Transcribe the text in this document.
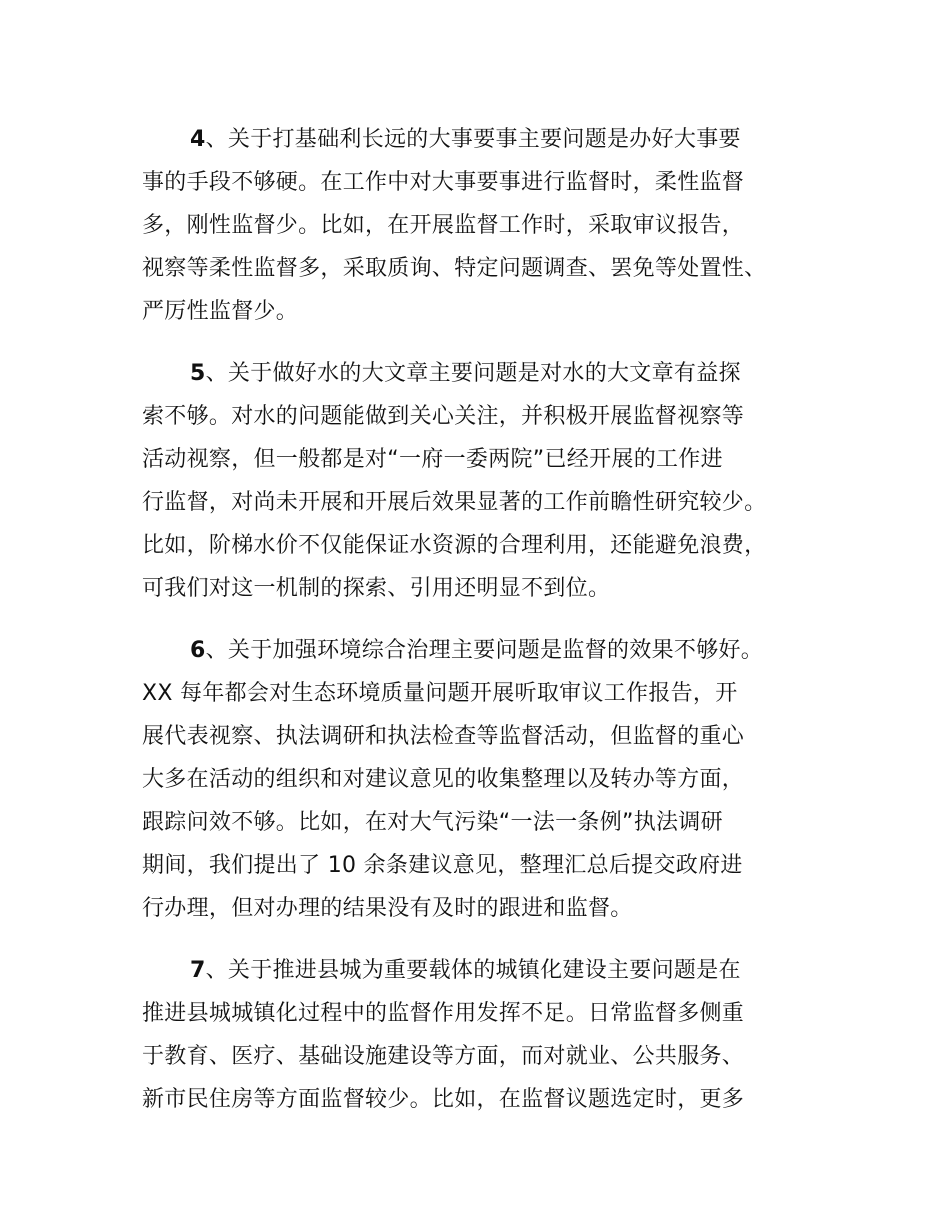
4、关于打基础利长远的大事要事主要问题是办好大事要
事的手段不够硬。在工作中对大事要事进行监督时，柔性监督
多，刚性监督少。比如，在开展监督工作时，采取审议报告，
视察等柔性监督多，采取质询、特定问题调查、罢免等处置性、
严厉性监督少。
5、关于做好水的大文章主要问题是对水的大文章有益探
索不够。对水的问题能做到关心关注，并积极开展监督视察等
活动视察，但一般都是对“一府一委两院”已经开展的工作进
行监督，对尚未开展和开展后效果显著的工作前瞻性研究较少。
比如，阶梯水价不仅能保证水资源的合理利用，还能避免浪费，
可我们对这一机制的探索、引用还明显不到位。
6、关于加强环境综合治理主要问题是监督的效果不够好。
XX 每年都会对生态环境质量问题开展听取审议工作报告，开
展代表视察、执法调研和执法检查等监督活动，但监督的重心
大多在活动的组织和对建议意见的收集整理以及转办等方面，
跟踪问效不够。比如，在对大气污染“一法一条例”执法调研
期间，我们提出了 10 余条建议意见，整理汇总后提交政府进
行办理，但对办理的结果没有及时的跟进和监督。
7、关于推进县城为重要载体的城镇化建设主要问题是在
推进县城城镇化过程中的监督作用发挥不足。日常监督多侧重
于教育、医疗、基础设施建设等方面，而对就业、公共服务、
新市民住房等方面监督较少。比如，在监督议题选定时，更多
